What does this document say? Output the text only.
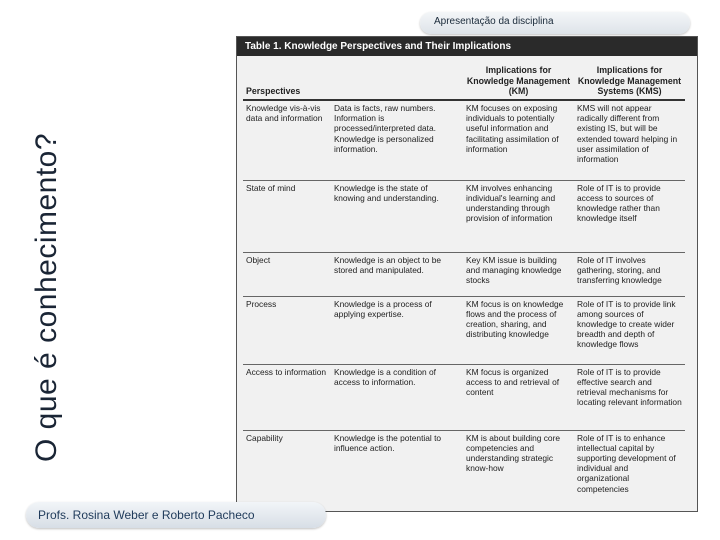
Apresentação da disciplina
O que é conhecimento?
Table 1. Knowledge Perspectives and Their Implications
Perspectives		Implications for Knowledge Management (KM)	Implications for Knowledge Management Systems (KMS)
Knowledge vis-à-vis data and information	Data is facts, raw numbers. Information is processed/interpreted data. Knowledge is personalized information.	KM focuses on exposing individuals to potentially useful information and facilitating assimilation of information	KMS will not appear radically different from existing IS, but will be extended toward helping in user assimilation of information
State of mind	Knowledge is the state of knowing and understanding.	KM involves enhancing individual's learning and understanding through provision of information	Role of IT is to provide access to sources of knowledge rather than knowledge itself
Object	Knowledge is an object to be stored and manipulated.	Key KM issue is building and managing knowledge stocks	Role of IT involves gathering, storing, and transferring knowledge
Process	Knowledge is a process of applying expertise.	KM focus is on knowledge flows and the process of creation, sharing, and distributing knowledge	Role of IT is to provide link among sources of knowledge to create wider breadth and depth of knowledge flows
Access to information	Knowledge is a condition of access to information.	KM focus is organized access to and retrieval of content	Role of IT is to provide effective search and retrieval mechanisms for locating relevant information
Capability	Knowledge is the potential to influence action.	KM is about building core competencies and understanding strategic know-how	Role of IT is to enhance intellectual capital by supporting development of individual and organizational competencies
Profs. Rosina Weber e Roberto Pacheco
